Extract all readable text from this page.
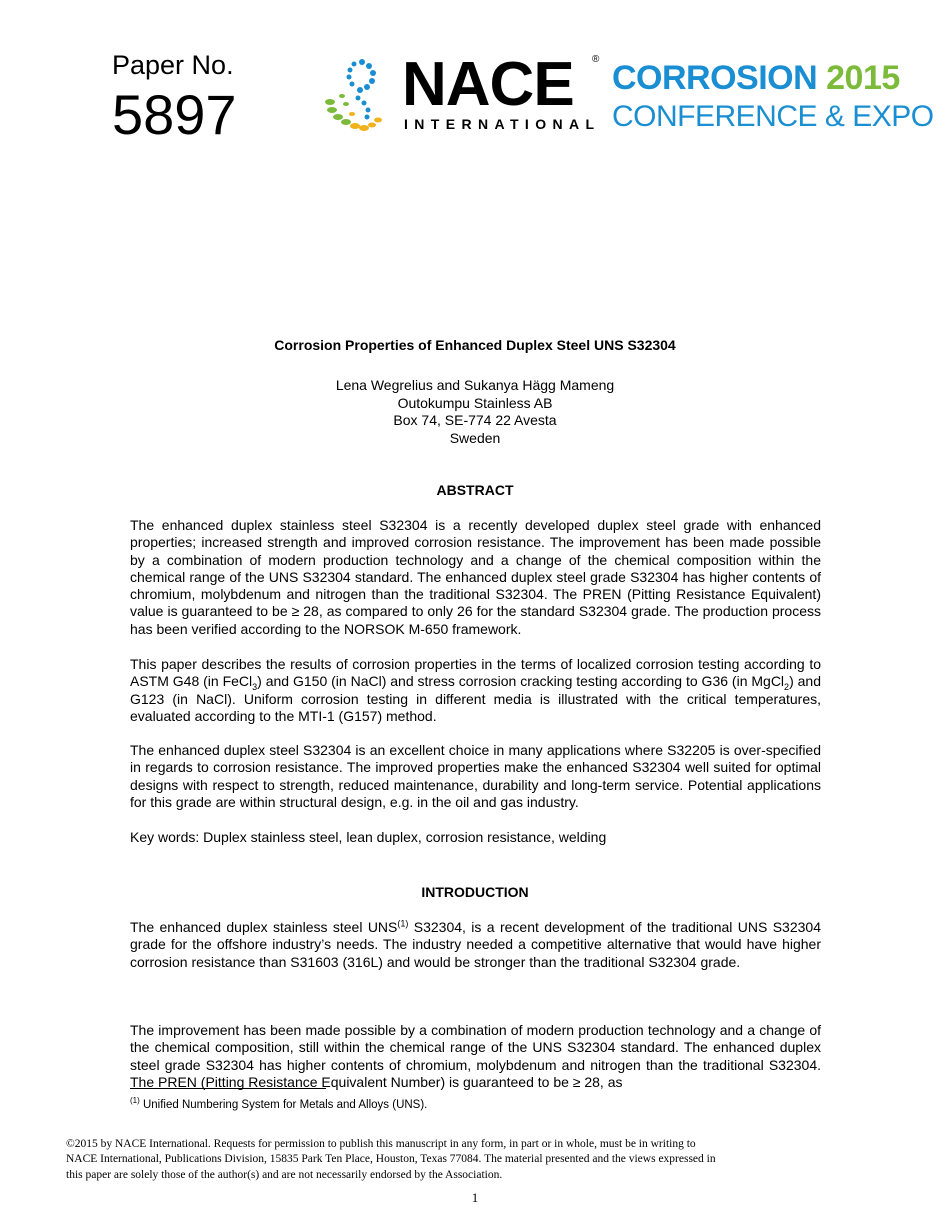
Paper No.
5897	NACE ®
INTERNATIONAL
CORROSION 2015
CONFERENCE & EXPO
Corrosion Properties of Enhanced Duplex Steel UNS S32304
Lena Wegrelius and Sukanya Hägg Mameng
Outokumpu Stainless AB
Box 74, SE-774 22 Avesta
Sweden
ABSTRACT

The enhanced duplex stainless steel S32304 is a recently developed duplex steel grade with enhanced properties; increased strength and improved corrosion resistance. The improvement has been made possible by a combination of modern production technology and a change of the chemical composition within the chemical range of the UNS S32304 standard. The enhanced duplex steel grade S32304 has higher contents of chromium, molybdenum and nitrogen than the traditional S32304. The PREN (Pitting Resistance Equivalent) value is guaranteed to be ≥ 28, as compared to only 26 for the standard S32304 grade. The production process has been verified according to the NORSOK M-650 framework.

This paper describes the results of corrosion properties in the terms of localized corrosion testing according to ASTM G48 (in FeCl$_3$) and G150 (in NaCl) and stress corrosion cracking testing according to G36 (in MgCl$_2$) and G123 (in NaCl). Uniform corrosion testing in different media is illustrated with the critical temperatures, evaluated according to the MTI-1 (G157) method.

The enhanced duplex steel S32304 is an excellent choice in many applications where S32205 is over-specified in regards to corrosion resistance. The improved properties make the enhanced S32304 well suited for optimal designs with respect to strength, reduced maintenance, durability and long-term service. Potential applications for this grade are within structural design, e.g. in the oil and gas industry.

Key words: Duplex stainless steel, lean duplex, corrosion resistance, welding

INTRODUCTION

The enhanced duplex stainless steel UNS$^{(1)}$ S32304, is a recent development of the traditional UNS S32304 grade for the offshore industry’s needs. The industry needed a competitive alternative that would have higher corrosion resistance than S31603 (316L) and would be stronger than the traditional S32304 grade.

The improvement has been made possible by a combination of modern production technology and a change of the chemical composition, still within the chemical range of the UNS S32304 standard. The enhanced duplex steel grade S32304 has higher contents of chromium, molybdenum and nitrogen than the traditional S32304. The PREN (Pitting Resistance Equivalent Number) is guaranteed to be ≥ 28, as

$^{(1)}$ Unified Numbering System for Metals and Alloys (UNS).
©2015 by NACE International. Requests for permission to publish this manuscript in any form, in part or in whole, must be in writing to
NACE International, Publications Division, 15835 Park Ten Place, Houston, Texas 77084. The material presented and the views expressed in
this paper are solely those of the author(s) and are not necessarily endorsed by the Association.
1
